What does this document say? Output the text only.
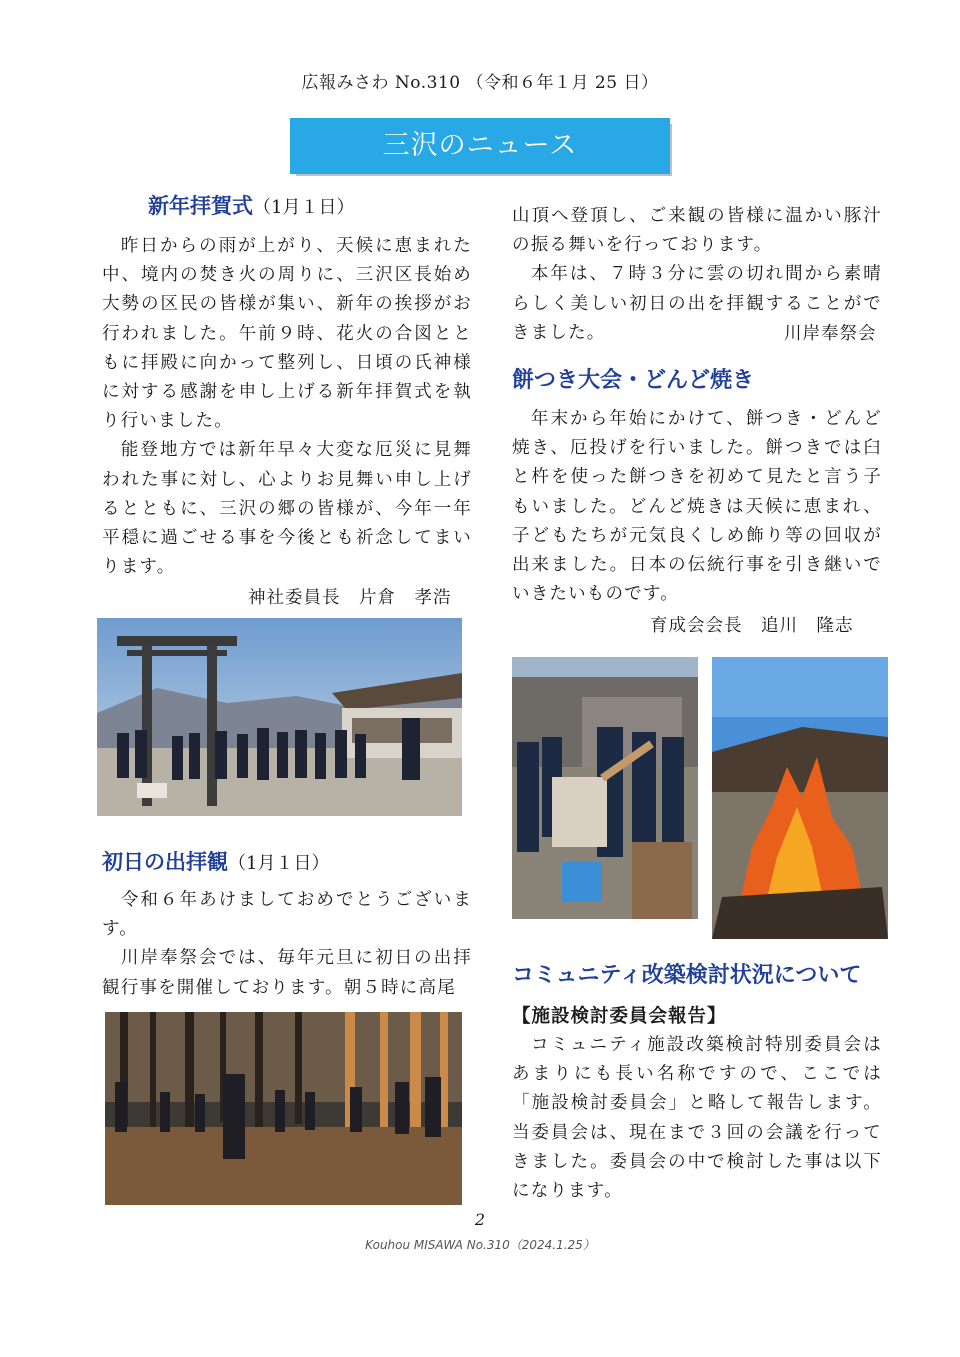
広報みさわ No.310 （令和６年１月 25 日）
三沢のニュース
新年拝賀式（1月１日）

昨日からの雨が上がり、天候に恵まれた中、境内の焚き火の周りに、三沢区長始め大勢の区民の皆様が集い、新年の挨拶がお行われました。午前９時、花火の合図とともに拝殿に向かって整列し、日頃の氏神様に対する感謝を申し上げる新年拝賀式を執り行いました。

能登地方では新年早々大変な厄災に見舞われた事に対し、心よりお見舞い申し上げるとともに、三沢の郷の皆様が、今年一年平穏に過ごせる事を今後とも祈念してまいります。

神社委員長　片倉　孝浩
初日の出拝観（1月１日）

令和６年あけましておめでとうございます。

川岸奉祭会では、毎年元旦に初日の出拝観行事を開催しております。朝５時に高尾

山頂へ登頂し、ご来観の皆様に温かい豚汁の振る舞いを行っております。

本年は、７時３分に雲の切れ間から素晴らしく美しい初日の出を拝観することができました。	川岸奉祭会
餅つき大会・どんど焼き

年末から年始にかけて、餅つき・どんど焼き、厄投げを行いました。餅つきでは臼と杵を使った餅つきを初めて見たと言う子もいました。どんど焼きは天候に恵まれ、子どもたちが元気良くしめ飾り等の回収が出来ました。日本の伝統行事を引き継いでいきたいものです。

育成会会長　追川　隆志
コミュニティ改築検討状況について
【施設検討委員会報告】

コミュニティ施設改築検討特別委員会はあまりにも長い名称ですので、ここでは「施設検討委員会」と略して報告します。当委員会は、現在まで３回の会議を行ってきました。委員会の中で検討した事は以下になります。

2
Kouhou MISAWA No.310（2024.1.25）
